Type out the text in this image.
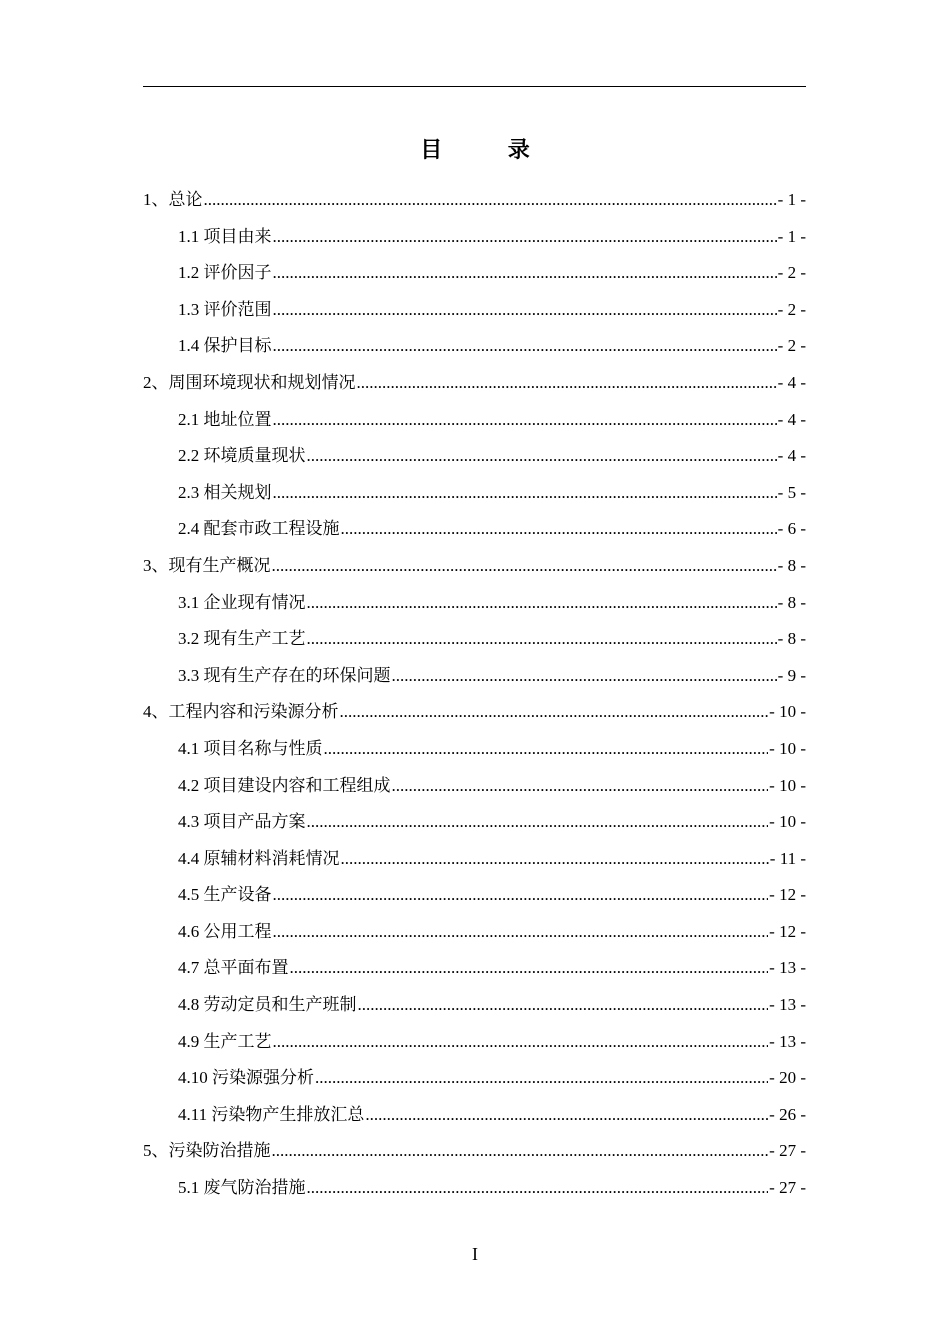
目 录
1、总论 .....	- 1 -
1.1 项目由来 .....	- 1 -
1.2 评价因子 .....	- 2 -
1.3 评价范围 .....	- 2 -
1.4 保护目标 .....	- 2 -
2、周围环境现状和规划情况 .....	- 4 -
2.1 地址位置 .....	- 4 -
2.2 环境质量现状 .....	- 4 -
2.3 相关规划 .....	- 5 -
2.4 配套市政工程设施 .....	- 6 -
3、现有生产概况 .....	- 8 -
3.1 企业现有情况 .....	- 8 -
3.2 现有生产工艺 .....	- 8 -
3.3 现有生产存在的环保问题 .....	- 9 -
4、工程内容和污染源分析 .....	- 10 -
4.1 项目名称与性质 .....	- 10 -
4.2 项目建设内容和工程组成 .....	- 10 -
4.3 项目产品方案 .....	- 10 -
4.4 原辅材料消耗情况 .....	- 11 -
4.5 生产设备 .....	- 12 -
4.6 公用工程 .....	- 12 -
4.7 总平面布置 .....	- 13 -
4.8 劳动定员和生产班制 .....	- 13 -
4.9 生产工艺 .....	- 13 -
4.10 污染源强分析 .....	- 20 -
4.11 污染物产生排放汇总 .....	- 26 -
5、污染防治措施 .....	- 27 -
5.1 废气防治措施 .....	- 27 -
I
